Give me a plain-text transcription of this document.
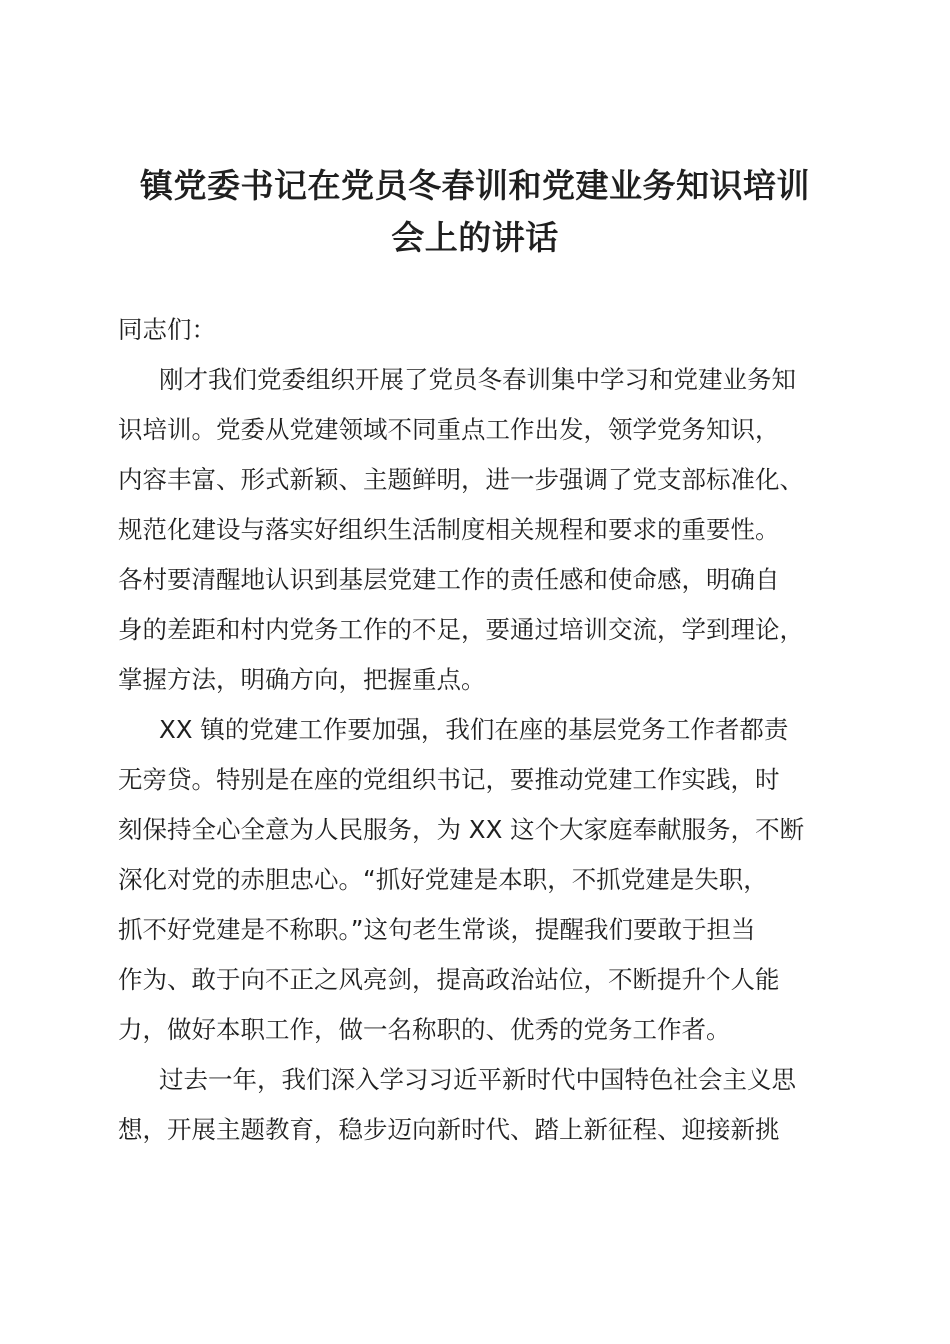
镇党委书记在党员冬春训和党建业务知识培训
会上的讲话
同志们：
刚才我们党委组织开展了党员冬春训集中学习和党建业务知
识培训。党委从党建领域不同重点工作出发，领学党务知识，
内容丰富、形式新颖、主题鲜明，进一步强调了党支部标准化、
规范化建设与落实好组织生活制度相关规程和要求的重要性。
各村要清醒地认识到基层党建工作的责任感和使命感，明确自
身的差距和村内党务工作的不足，要通过培训交流，学到理论，
掌握方法，明确方向，把握重点。
XX 镇的党建工作要加强，我们在座的基层党务工作者都责
无旁贷。特别是在座的党组织书记，要推动党建工作实践，时
刻保持全心全意为人民服务，为 XX 这个大家庭奉献服务，不断
深化对党的赤胆忠心。“抓好党建是本职，不抓党建是失职，
抓不好党建是不称职。”这句老生常谈，提醒我们要敢于担当
作为、敢于向不正之风亮剑，提高政治站位，不断提升个人能
力，做好本职工作，做一名称职的、优秀的党务工作者。
过去一年，我们深入学习习近平新时代中国特色社会主义思
想，开展主题教育，稳步迈向新时代、踏上新征程、迎接新挑
